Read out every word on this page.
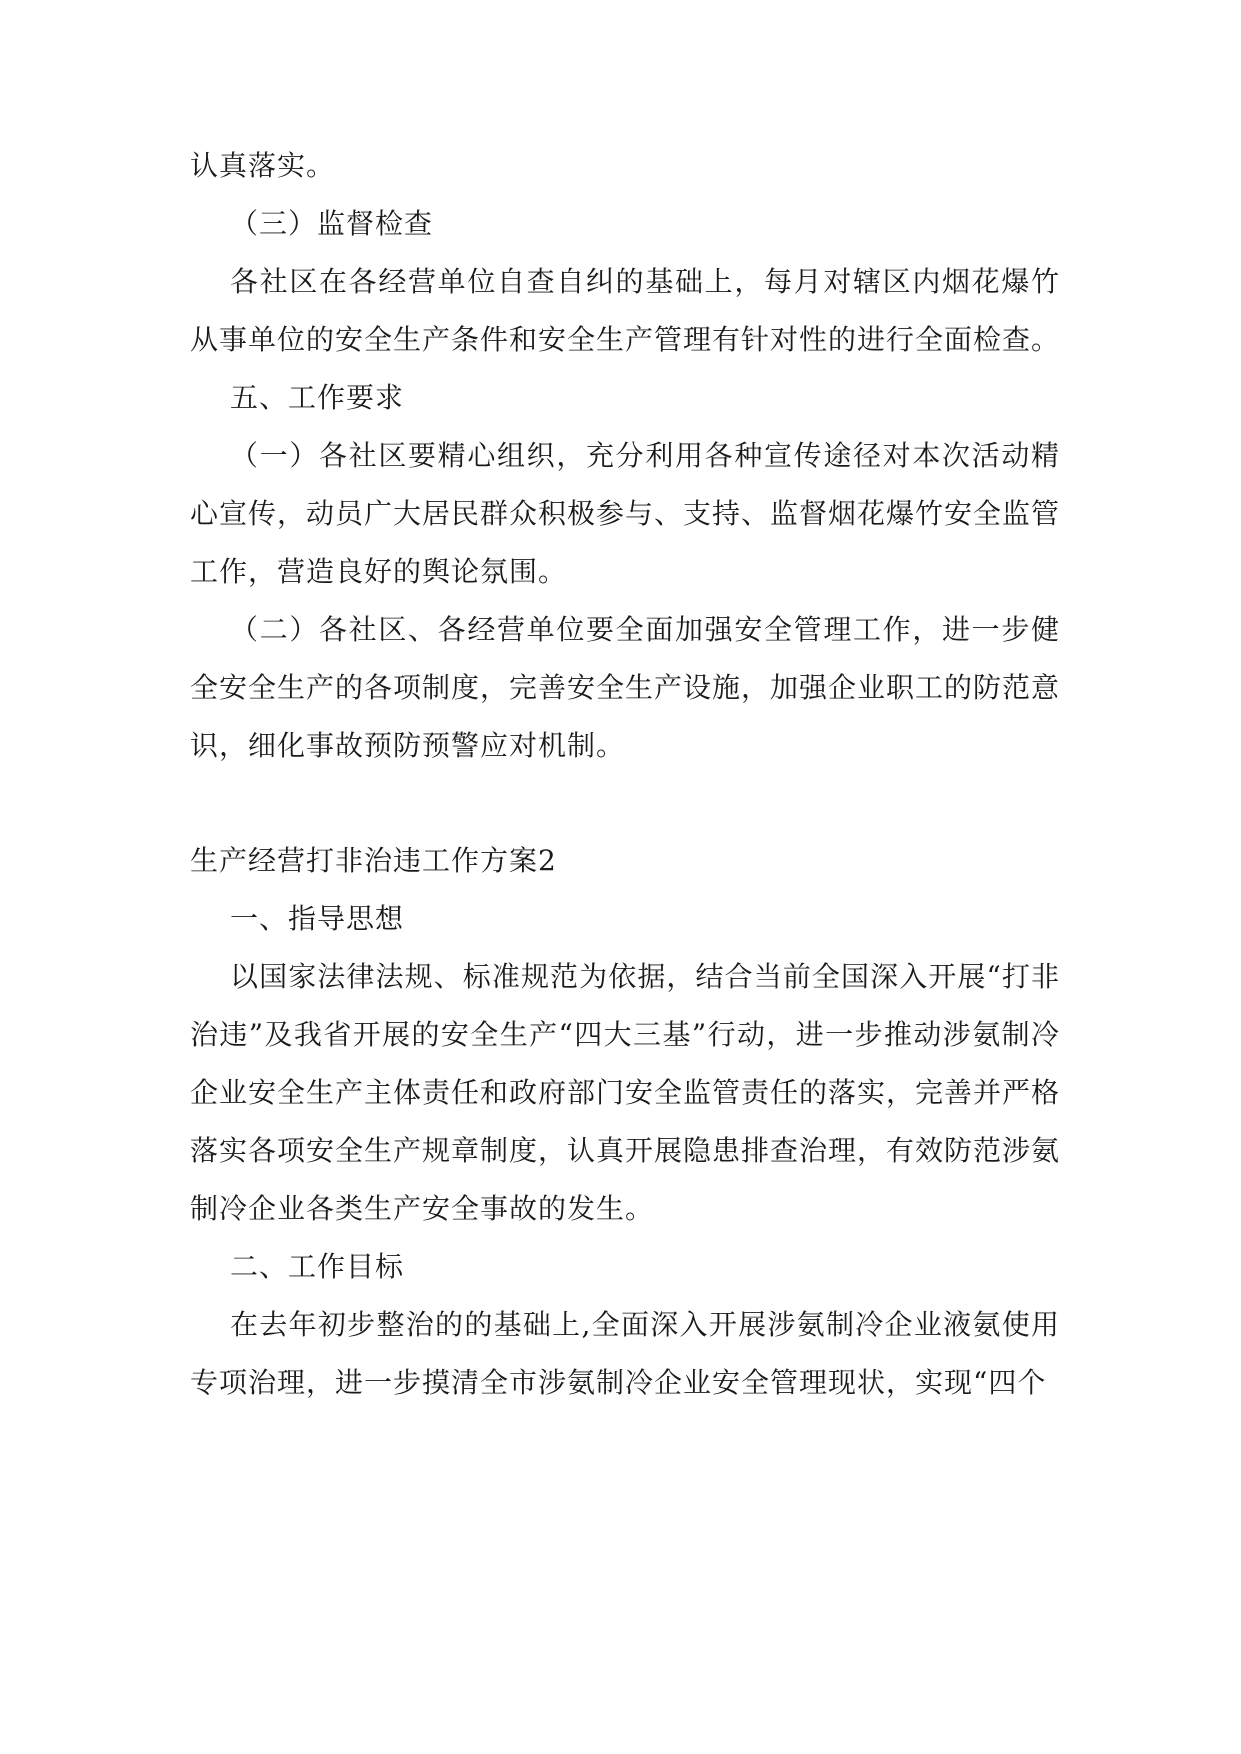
认真落实。
（三）监督检查
各社区在各经营单位自查自纠的基础上，每月对辖区内烟花爆竹从事单位的安全生产条件和安全生产管理有针对性的进行全面检查。
五、工作要求
（一）各社区要精心组织，充分利用各种宣传途径对本次活动精心宣传，动员广大居民群众积极参与、支持、监督烟花爆竹安全监管工作，营造良好的舆论氛围。
（二）各社区、各经营单位要全面加强安全管理工作，进一步健全安全生产的各项制度，完善安全生产设施，加强企业职工的防范意识，细化事故预防预警应对机制。
生产经营打非治违工作方案2
一、指导思想
以国家法律法规、标准规范为依据，结合当前全国深入开展“打非治违”及我省开展的安全生产“四大三基”行动，进一步推动涉氨制冷企业安全生产主体责任和政府部门安全监管责任的落实，完善并严格落实各项安全生产规章制度，认真开展隐患排查治理，有效防范涉氨制冷企业各类生产安全事故的发生。
二、工作目标
在去年初步整治的的基础上,全面深入开展涉氨制冷企业液氨使用专项治理，进一步摸清全市涉氨制冷企业安全管理现状，实现“四个
